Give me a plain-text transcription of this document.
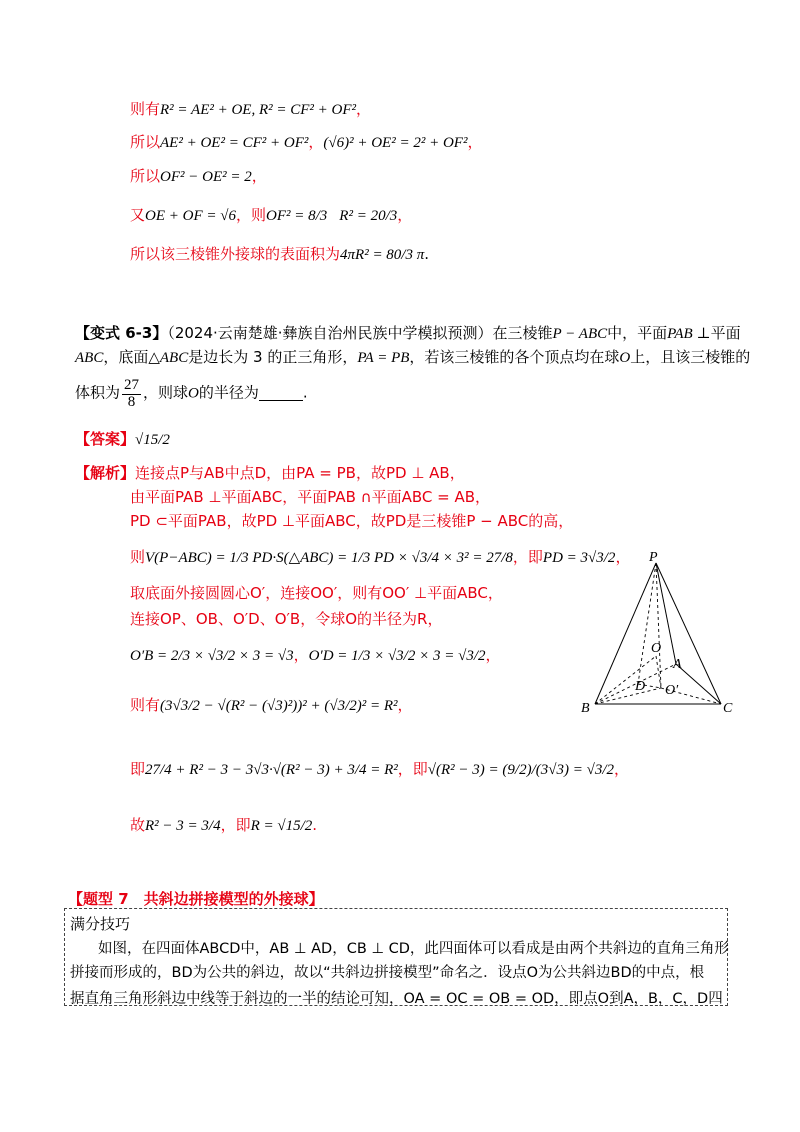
则有R² = AE² + OE, R² = CF² + OF²，
所以AE² + OE² = CF² + OF²，(√6)² + OE² = 2² + OF²，
所以OF² − OE² = 2，
又OE + OF = √6，则OF² = 8/3 R² = 20/3，
所以该三棱锥外接球的表面积为4πR² = 80/3 π.
【变式 6-3】（2024·云南楚雄·彝族自治州民族中学模拟预测）在三棱锥P − ABC中，平面PAB ⊥平面
ABC，底面△ABC是边长为 3 的正三角形，PA = PB，若该三棱锥的各个顶点均在球O上，且该三棱锥的
体积为 $\frac{27}{8}$ ，则球O的半径为	.
【答案】√15/2
【解析】连接点P与AB中点D，由PA = PB，故PD ⊥ AB，
由平面PAB ⊥平面ABC，平面PAB ∩平面ABC = AB，
PD ⊂平面PAB，故PD ⊥平面ABC，故PD是三棱锥P − ABC的高，
则V(P−ABC) = 1/3 PD·S(△ABC) = 1/3 PD × √3/4 × 3² = 27/8，即PD = 3√3/2，
取底面外接圆圆心O′，连接OO′，则有OO′ ⊥平面ABC，
连接OP、OB、O′D、O′B，令球O的半径为R，
O′B = 2/3 × √3/2 × 3 = √3，O′D = 1/3 × √3/2 × 3 = √3/2，
则有(3√3/2 − √(R² − (√3)²))² + (√3/2)² = R²，
即27/4 + R² − 3 − 3√3·√(R² − 3) + 3/4 = R²，即√(R² − 3) = (9/2)/(3√3) = √3/2，
故R² − 3 = 3/4，即R = √15/2.
P
O
A
D O′
B	C
【题型 7　共斜边拼接模型的外接球】
满分技巧
如图，在四面体ABCD中，AB ⊥ AD，CB ⊥ CD，此四面体可以看成是由两个共斜边的直角三角形
拼接而形成的，BD为公共的斜边，故以“共斜边拼接模型”命名之．设点O为公共斜边BD的中点，根
据直角三角形斜边中线等于斜边的一半的结论可知，OA = OC = OB = OD，即点O到A，B，C，D四
